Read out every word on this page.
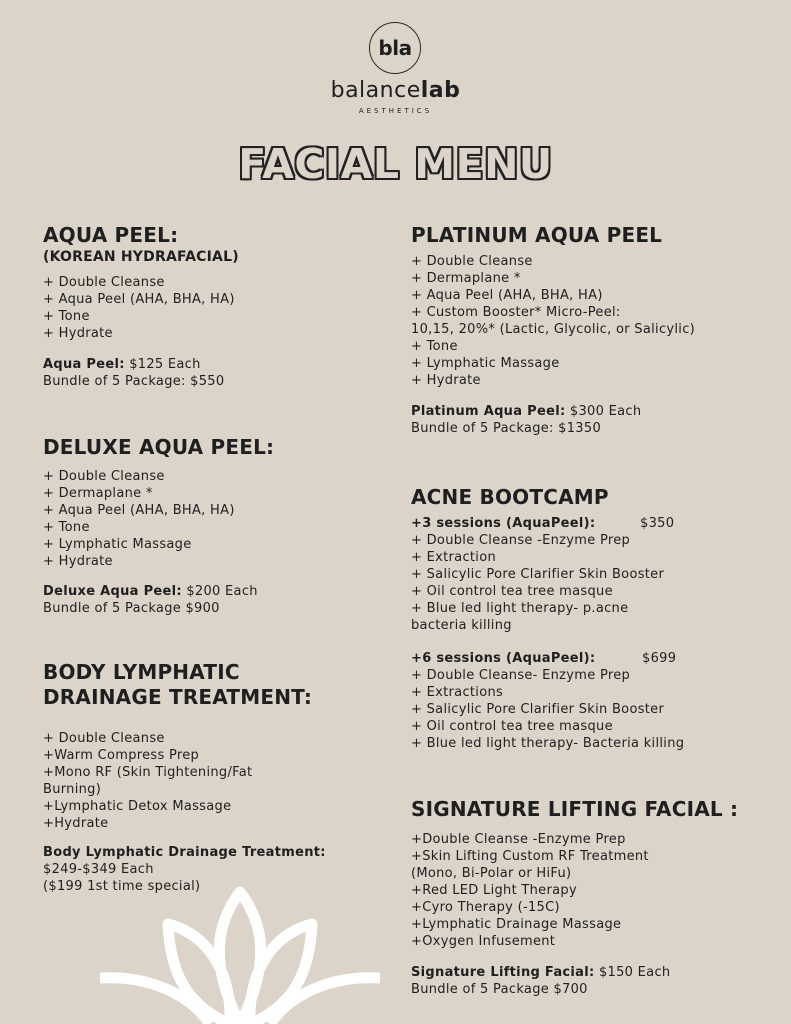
bla
balancelab
AESTHETICS
FACIAL MENU
AQUA PEEL:
(KOREAN HYDRAFACIAL)
+ Double Cleanse
+ Aqua Peel (AHA, BHA, HA)
+ Tone
+ Hydrate
Aqua Peel: $125 Each
Bundle of 5 Package: $550
DELUXE AQUA PEEL:
+ Double Cleanse
+ Dermaplane *
+ Aqua Peel (AHA, BHA, HA)
+ Tone
+ Lymphatic Massage
+ Hydrate
Deluxe Aqua Peel: $200 Each
Bundle of 5 Package $900
BODY LYMPHATIC
DRAINAGE TREATMENT:
+ Double Cleanse
+Warm Compress Prep
+Mono RF (Skin Tightening/Fat
Burning)
+Lymphatic Detox Massage
+Hydrate
Body Lymphatic Drainage Treatment:
$249-$349 Each
($199 1st time special)
PLATINUM AQUA PEEL
+ Double Cleanse
+ Dermaplane *
+ Aqua Peel (AHA, BHA, HA)
+ Custom Booster* Micro-Peel:
10,15, 20%* (Lactic, Glycolic, or Salicylic)
+ Tone
+ Lymphatic Massage
+ Hydrate
Platinum Aqua Peel: $300 Each
Bundle of 5 Package: $1350
ACNE BOOTCAMP
+3 sessions (AquaPeel):	$350
+ Double Cleanse -Enzyme Prep
+ Extraction
+ Salicylic Pore Clarifier Skin Booster
+ Oil control tea tree masque
+ Blue led light therapy- p.acne
bacteria killing
+6 sessions (AquaPeel):	$699
+ Double Cleanse- Enzyme Prep
+ Extractions
+ Salicylic Pore Clarifier Skin Booster
+ Oil control tea tree masque
+ Blue led light therapy- Bacteria killing
SIGNATURE LIFTING FACIAL :
+Double Cleanse -Enzyme Prep
+Skin Lifting Custom RF Treatment
(Mono, Bi-Polar or HiFu)
+Red LED Light Therapy
+Cyro Therapy (-15C)
+Lymphatic Drainage Massage
+Oxygen Infusement
Signature Lifting Facial: $150 Each
Bundle of 5 Package $700
